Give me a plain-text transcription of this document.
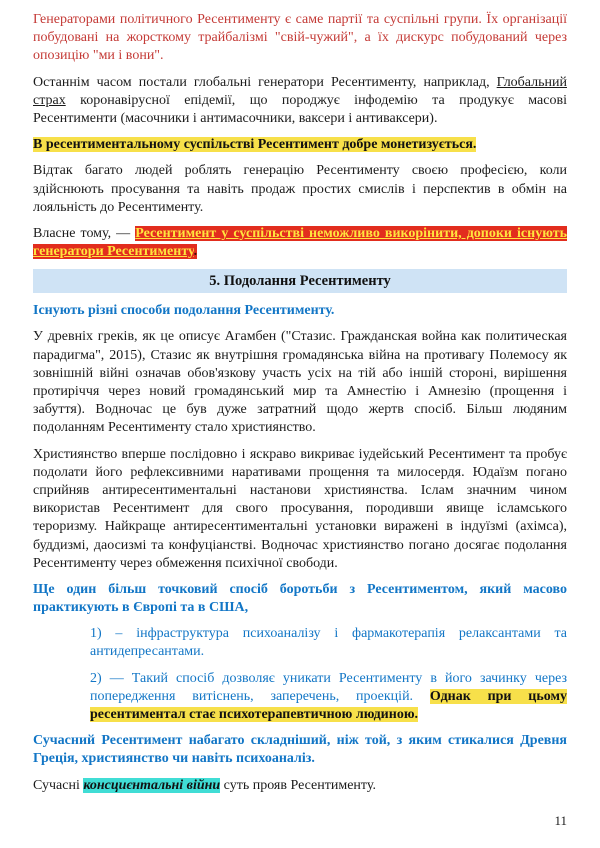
Генераторами політичного Ресентименту є саме партії та суспільні групи. Їх організації побудовані на жорсткому трайбалізмі "свій-чужий", а їх дискурс побудований через опозицію "ми і вони".

Останнім часом постали глобальні генератори Ресентименту, наприклад, Глобальний страх коронавірусної епідемії, що породжує інфодемію та продукує масові Ресентименти (масочники і антимасочники, ваксери і антиваксери).

В ресентиментальному суспільстві Ресентимент добре монетизується.

Відтак багато людей роблять генерацію Ресентименту своєю професією, коли здійснюють просування та навіть продаж простих смислів і перспектив в обмін на лояльність до Ресентименту.

Власне тому, — Ресентимент у суспільстві неможливо викорінити, допоки існують генератори Ресентименту.

5. Подолання Ресентименту

Існують різні способи подолання Ресентименту.

У древніх греків, як це описує Агамбен ("Стазис. Гражданская война как политическая парадигма", 2015), Стазис як внутрішня громадянська війна на противагу Полемосу як зовнішній війні означав обов'язкову участь усіх на тій або іншій стороні, вирішення протиріччя через новий громадянський мир та Амнестію і Амнезію (прощення і забуття). Водночас це був дуже затратний щодо жертв спосіб. Більш людяним подоланням Ресентименту стало християнство.

Християнство вперше послідовно і яскраво викриває іудейський Ресентимент та пробує подолати його рефлексивними наративами прощення та милосердя. Юдаїзм погано сприйняв антиресентиментальні настанови християнства. Іслам значним чином використав Ресентимент для свого просування, породивши явище ісламського тероризму. Найкраще антиресентиментальні установки виражені в індуїзмі (ахімса), буддизмі, даосизмі та конфуціанстві. Водночас християнство погано досягає подолання Ресентименту через обмеження психічної свободи.

Ще один більш точковий спосіб боротьби з Ресентиментом, який масово практикують в Європі та в США,

1) – інфраструктура психоаналізу і фармакотерапія релаксантами та антидепресантами.

2) — Такий спосіб дозволяє уникати Ресентименту в його зачинку через попередження витіснень, заперечень, проекцій. Однак при цьому ресентиментал стає психотерапевтичною людиною.

Сучасний Ресентимент набагато складніший, ніж той, з яким стикалися Древня Греція, християнство чи навіть психоаналіз.

Сучасні консциєнтальні війни суть прояв Ресентименту.

11
